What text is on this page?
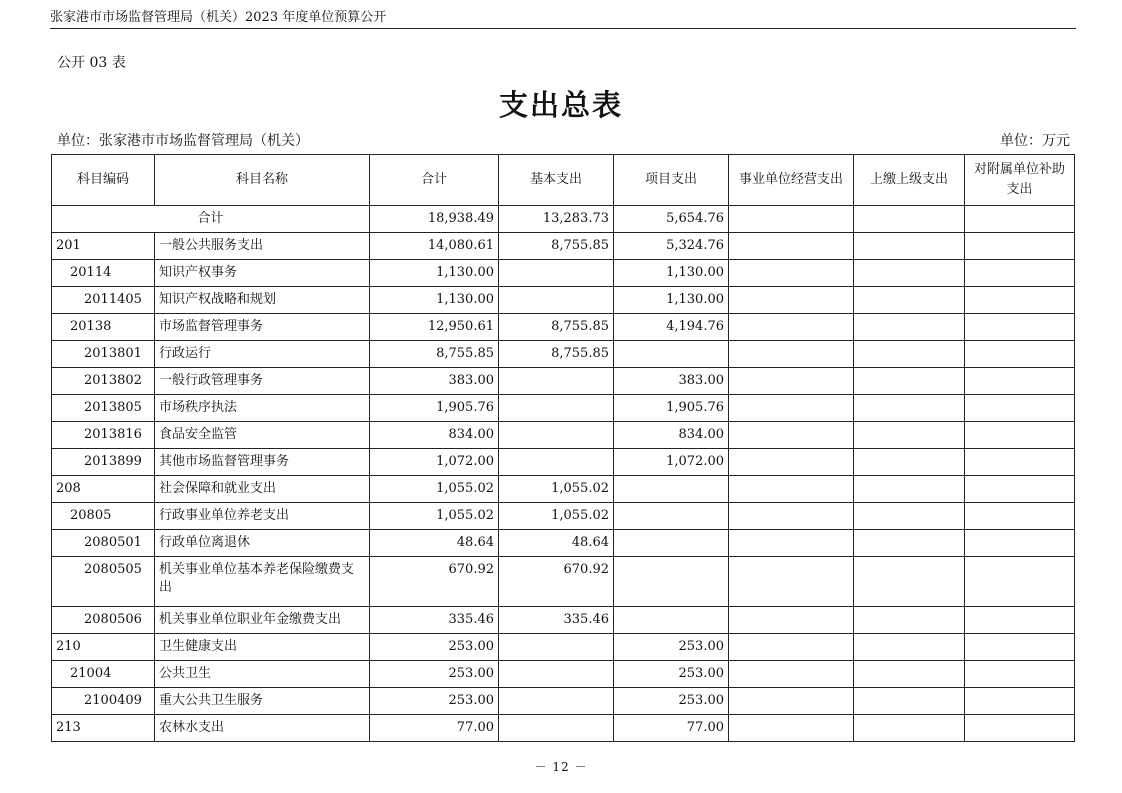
张家港市市场监督管理局（机关）2023 年度单位预算公开
公开 03 表
支出总表
单位：张家港市市场监督管理局（机关）	单位：万元
科目编码	科目名称	合计	基本支出	项目支出	事业单位经营支出	上缴上级支出	对附属单位补助支出
合计		18,938.49	13,283.73	5,654.76			
201	一般公共服务支出	14,080.61	8,755.85	5,324.76			
20114	知识产权事务	1,130.00		1,130.00			
2011405	知识产权战略和规划	1,130.00		1,130.00			
20138	市场监督管理事务	12,950.61	8,755.85	4,194.76			
2013801	行政运行	8,755.85	8,755.85				
2013802	一般行政管理事务	383.00		383.00			
2013805	市场秩序执法	1,905.76		1,905.76			
2013816	食品安全监管	834.00		834.00			
2013899	其他市场监督管理事务	1,072.00		1,072.00			
208	社会保障和就业支出	1,055.02	1,055.02				
20805	行政事业单位养老支出	1,055.02	1,055.02				
2080501	行政单位离退休	48.64	48.64				
2080505	机关事业单位基本养老保险缴费支出	670.92	670.92				
2080506	机关事业单位职业年金缴费支出	335.46	335.46				
210	卫生健康支出	253.00		253.00			
21004	公共卫生	253.00		253.00			
2100409	重大公共卫生服务	253.00		253.00			
213	农林水支出	77.00		77.00			
－ 12 －
